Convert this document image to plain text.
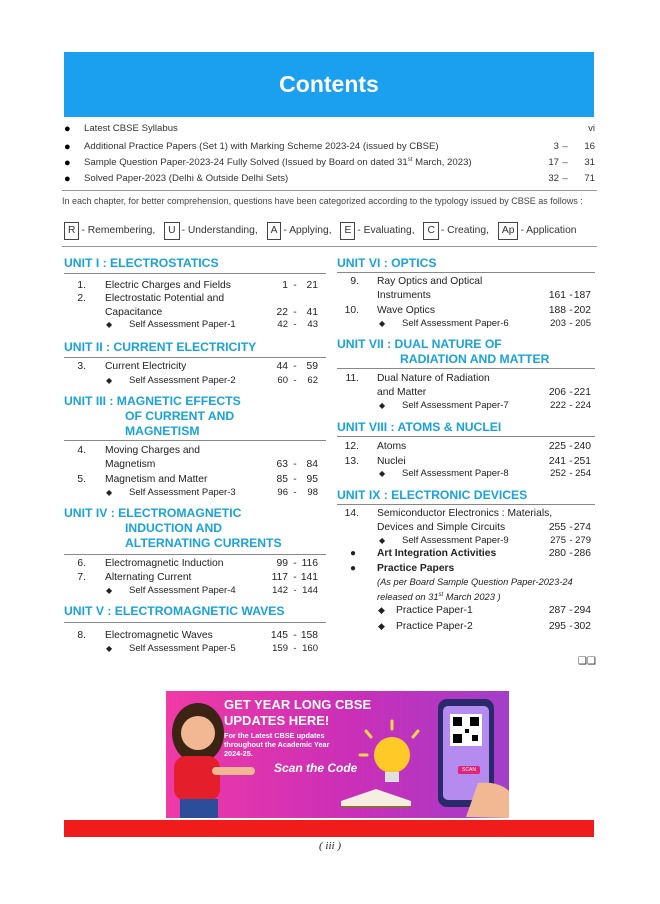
Contents
● Latest CBSE Syllabus	vi
● Additional Practice Papers (Set 1) with Marking Scheme 2023-24 (issued by CBSE)	3 –	16
● Sample Question Paper-2023-24 Fully Solved (Issued by Board on dated 31st March, 2023)	17 –	31
● Solved Paper-2023 (Delhi & Outside Delhi Sets)	32 –	71
In each chapter, for better comprehension, questions have been categorized according to the typology issued by CBSE as follows :
R - Remembering, U - Understanding, A - Applying, E - Evaluating, C - Creating, Ap - Application
UNIT I : ELECTROSTATICS
1. Electric Charges and Fields	1 - 21
2. Electrostatic Potential and
Capacitance	22 - 41
◆ Self Assessment Paper-1	42 -	43
UNIT II : CURRENT ELECTRICITY
3. Current Electricity	44 - 59
◆ Self Assessment Paper-2	60 -	62
UNIT III : MAGNETIC EFFECTS
OF CURRENT AND
MAGNETISM
4. Moving Charges and
Magnetism	63 - 84
5. Magnetism and Matter	85 - 95
◆ Self Assessment Paper-3	96 -	98
UNIT IV : ELECTROMAGNETIC
INDUCTION AND
ALTERNATING CURRENTS
6. Electromagnetic Induction	99 - 116
7. Alternating Current	117 - 141
◆ Self Assessment Paper-4	142 - 144
UNIT V : ELECTROMAGNETIC WAVES
8. Electromagnetic Waves	145 - 158
◆ Self Assessment Paper-5	159 - 160
UNIT VI : OPTICS
9. Ray Optics and Optical
Instruments	161 - 187
10. Wave Optics	188 - 202
◆ Self Assessment Paper-6	203 - 205
UNIT VII : DUAL NATURE OF
RADIATION AND MATTER
11. Dual Nature of Radiation
and Matter	206 - 221
◆ Self Assessment Paper-7	222 - 224
UNIT VIII : ATOMS & NUCLEI
12. Atoms	225 - 240
13. Nuclei	241 - 251
◆ Self Assessment Paper-8	252 - 254
UNIT IX : ELECTRONIC DEVICES
14. Semiconductor Electronics : Materials,
Devices and Simple Circuits	255 - 274
◆ Self Assessment Paper-9	275 - 279
● Art Integration Activities	280 - 286
● Practice Papers
(As per Board Sample Question Paper-2023-24
released on 31st March 2023 )
◆ Practice Paper-1	287 - 294
◆ Practice Paper-2	295 - 302
❑❑
GET YEAR LONG CBSE
UPDATES HERE!
For the Latest CBSE updates
throughout the Academic Year
2024-25.
Scan the Code	SCAN
( iii )
